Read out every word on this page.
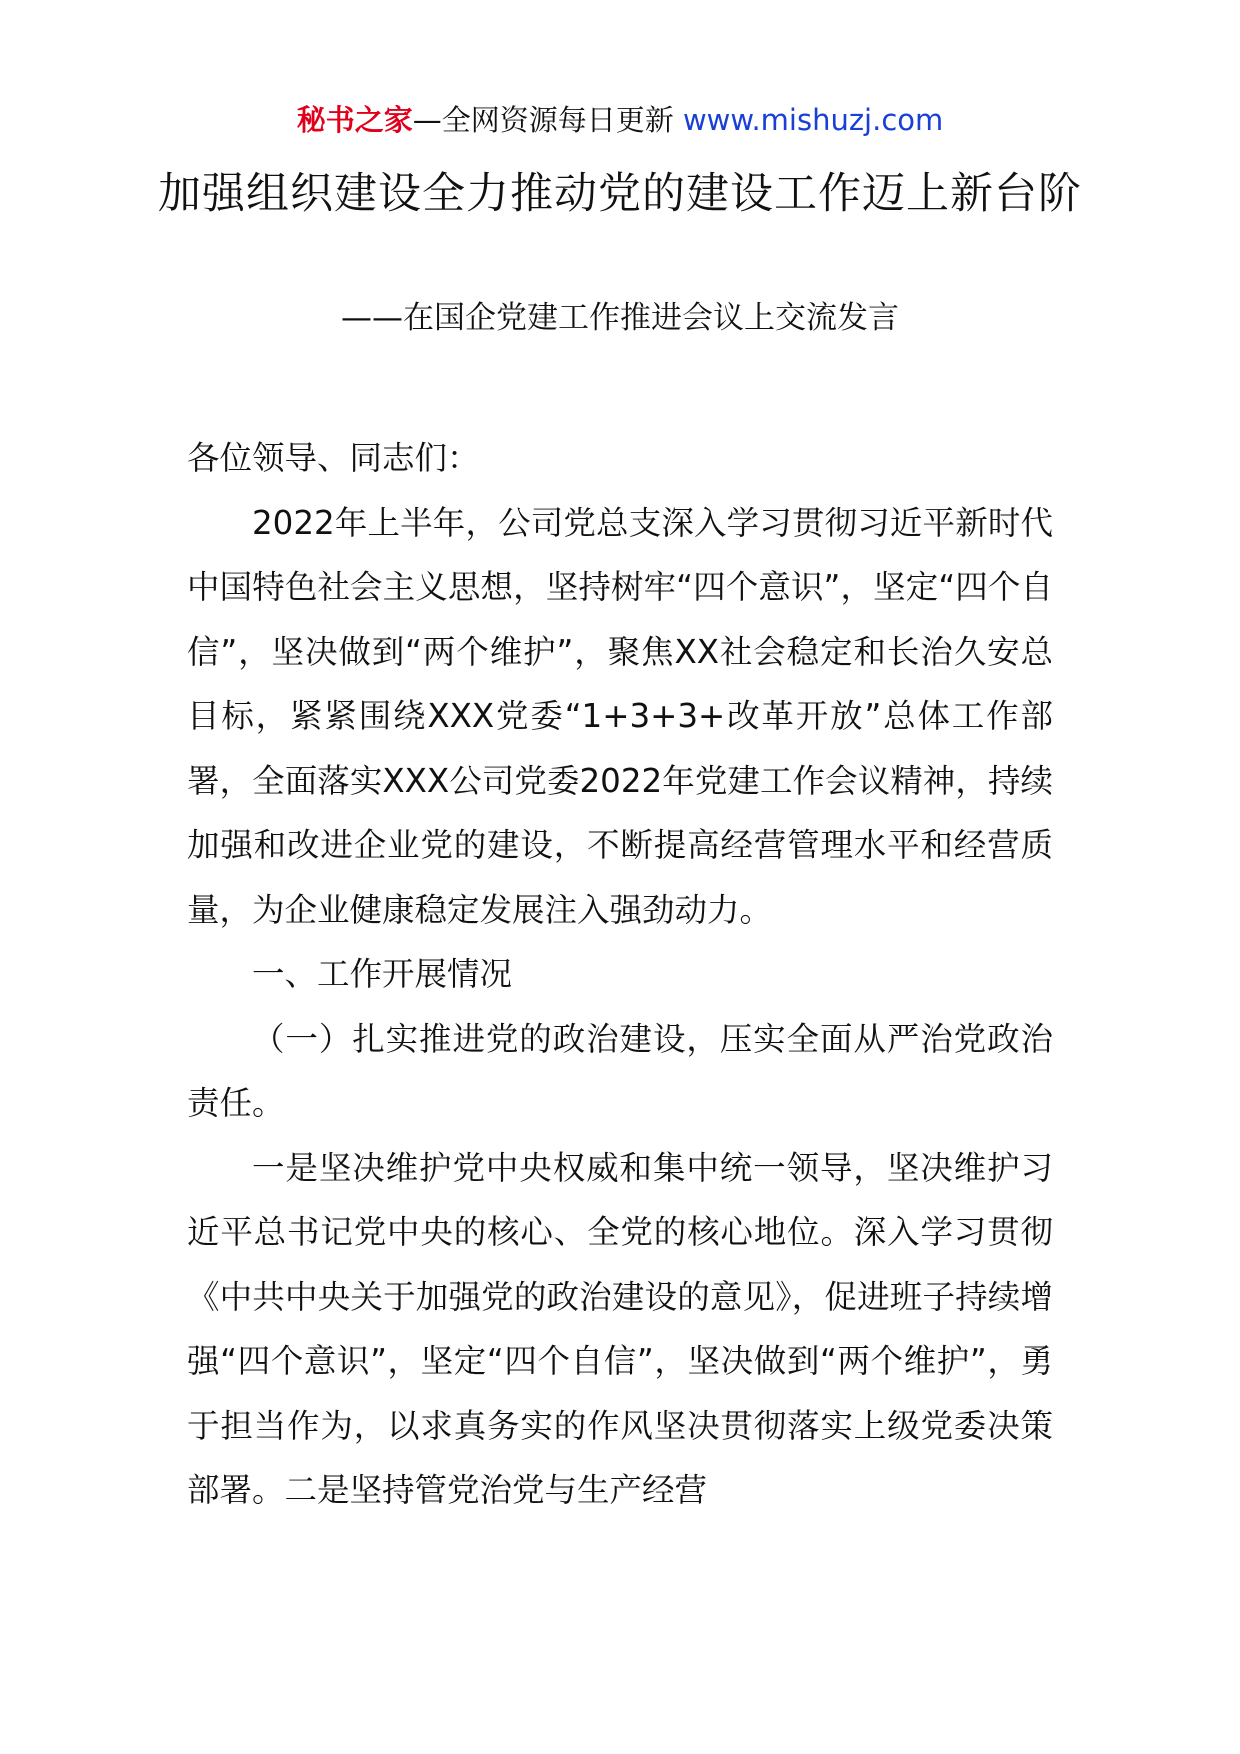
秘书之家—全网资源每日更新 www.mishuzj.com
加强组织建设全力推动党的建设工作迈上新台阶
——在国企党建工作推进会议上交流发言

各位领导、同志们：

2022年上半年，公司党总支深入学习贯彻习近平新时代中国特色社会主义思想，坚持树牢“四个意识”，坚定“四个自信”，坚决做到“两个维护”，聚焦XX社会稳定和长治久安总目标，紧紧围绕XXX党委“1+3+3+改革开放”总体工作部署，全面落实XXX公司党委2022年党建工作会议精神，持续加强和改进企业党的建设，不断提高经营管理水平和经营质量，为企业健康稳定发展注入强劲动力。

一、工作开展情况

（一）扎实推进党的政治建设，压实全面从严治党政治责任。

一是坚决维护党中央权威和集中统一领导，坚决维护习近平总书记党中央的核心、全党的核心地位。深入学习贯彻《中共中央关于加强党的政治建设的意见》，促进班子持续增强“四个意识”，坚定“四个自信”，坚决做到“两个维护”，勇于担当作为，以求真务实的作风坚决贯彻落实上级党委决策部署。二是坚持管党治党与生产经营
